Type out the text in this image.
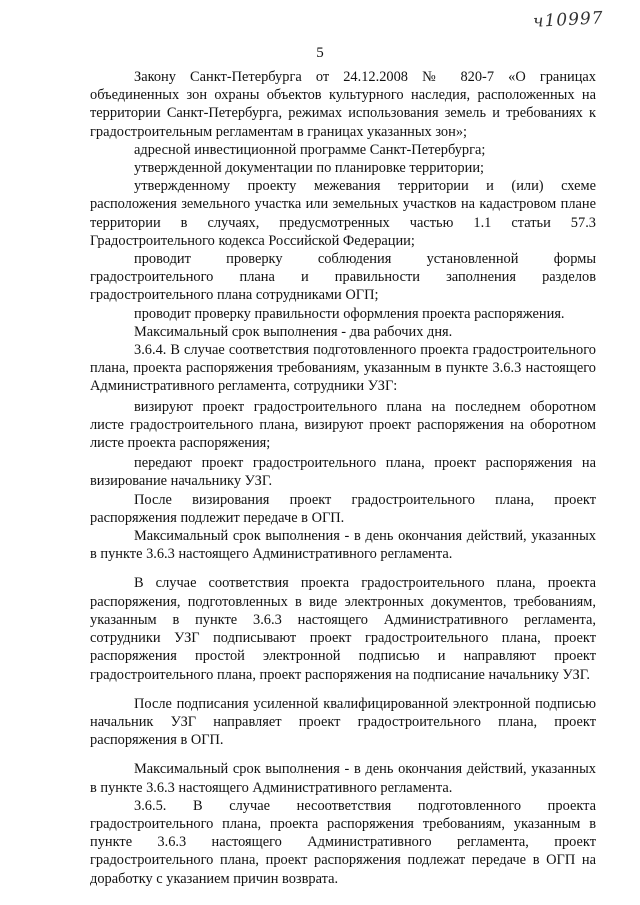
ч10997
5

Закону Санкт-Петербурга от 24.12.2008 № 820-7 «О границах объединенных зон охраны объектов культурного наследия, расположенных на территории Санкт-Петербурга, режимах использования земель и требованиях к градостроительным регламентам в границах указанных зон»;

адресной инвестиционной программе Санкт-Петербурга;

утвержденной документации по планировке территории;

утвержденному проекту межевания территории и (или) схеме расположения земельного участка или земельных участков на кадастровом плане территории в случаях, предусмотренных частью 1.1 статьи 57.3 Градостроительного кодекса Российской Федерации;

проводит проверку соблюдения установленной формы градостроительного плана и правильности заполнения разделов градостроительного плана сотрудниками ОГП;

проводит проверку правильности оформления проекта распоряжения.

Максимальный срок выполнения - два рабочих дня.

3.6.4. В случае соответствия подготовленного проекта градостроительного плана, проекта распоряжения требованиям, указанным в пункте 3.6.3 настоящего Административного регламента, сотрудники УЗГ:

визируют проект градостроительного плана на последнем оборотном листе градостроительного плана, визируют проект распоряжения на оборотном листе проекта распоряжения;

передают проект градостроительного плана, проект распоряжения на визирование начальнику УЗГ.

После визирования проект градостроительного плана, проект распоряжения подлежит передаче в ОГП.

Максимальный срок выполнения - в день окончания действий, указанных в пункте 3.6.3 настоящего Административного регламента.

В случае соответствия проекта градостроительного плана, проекта распоряжения, подготовленных в виде электронных документов, требованиям, указанным в пункте 3.6.3 настоящего Административного регламента, сотрудники УЗГ подписывают проект градостроительного плана, проект распоряжения простой электронной подписью и направляют проект градостроительного плана, проект распоряжения на подписание начальнику УЗГ.

После подписания усиленной квалифицированной электронной подписью начальник УЗГ направляет проект градостроительного плана, проект распоряжения в ОГП.

Максимальный срок выполнения - в день окончания действий, указанных в пункте 3.6.3 настоящего Административного регламента.

3.6.5. В случае несоответствия подготовленного проекта градостроительного плана, проекта распоряжения требованиям, указанным в пункте 3.6.3 настоящего Административного регламента, проект градостроительного плана, проект распоряжения подлежат передаче в ОГП на доработку с указанием причин возврата.
